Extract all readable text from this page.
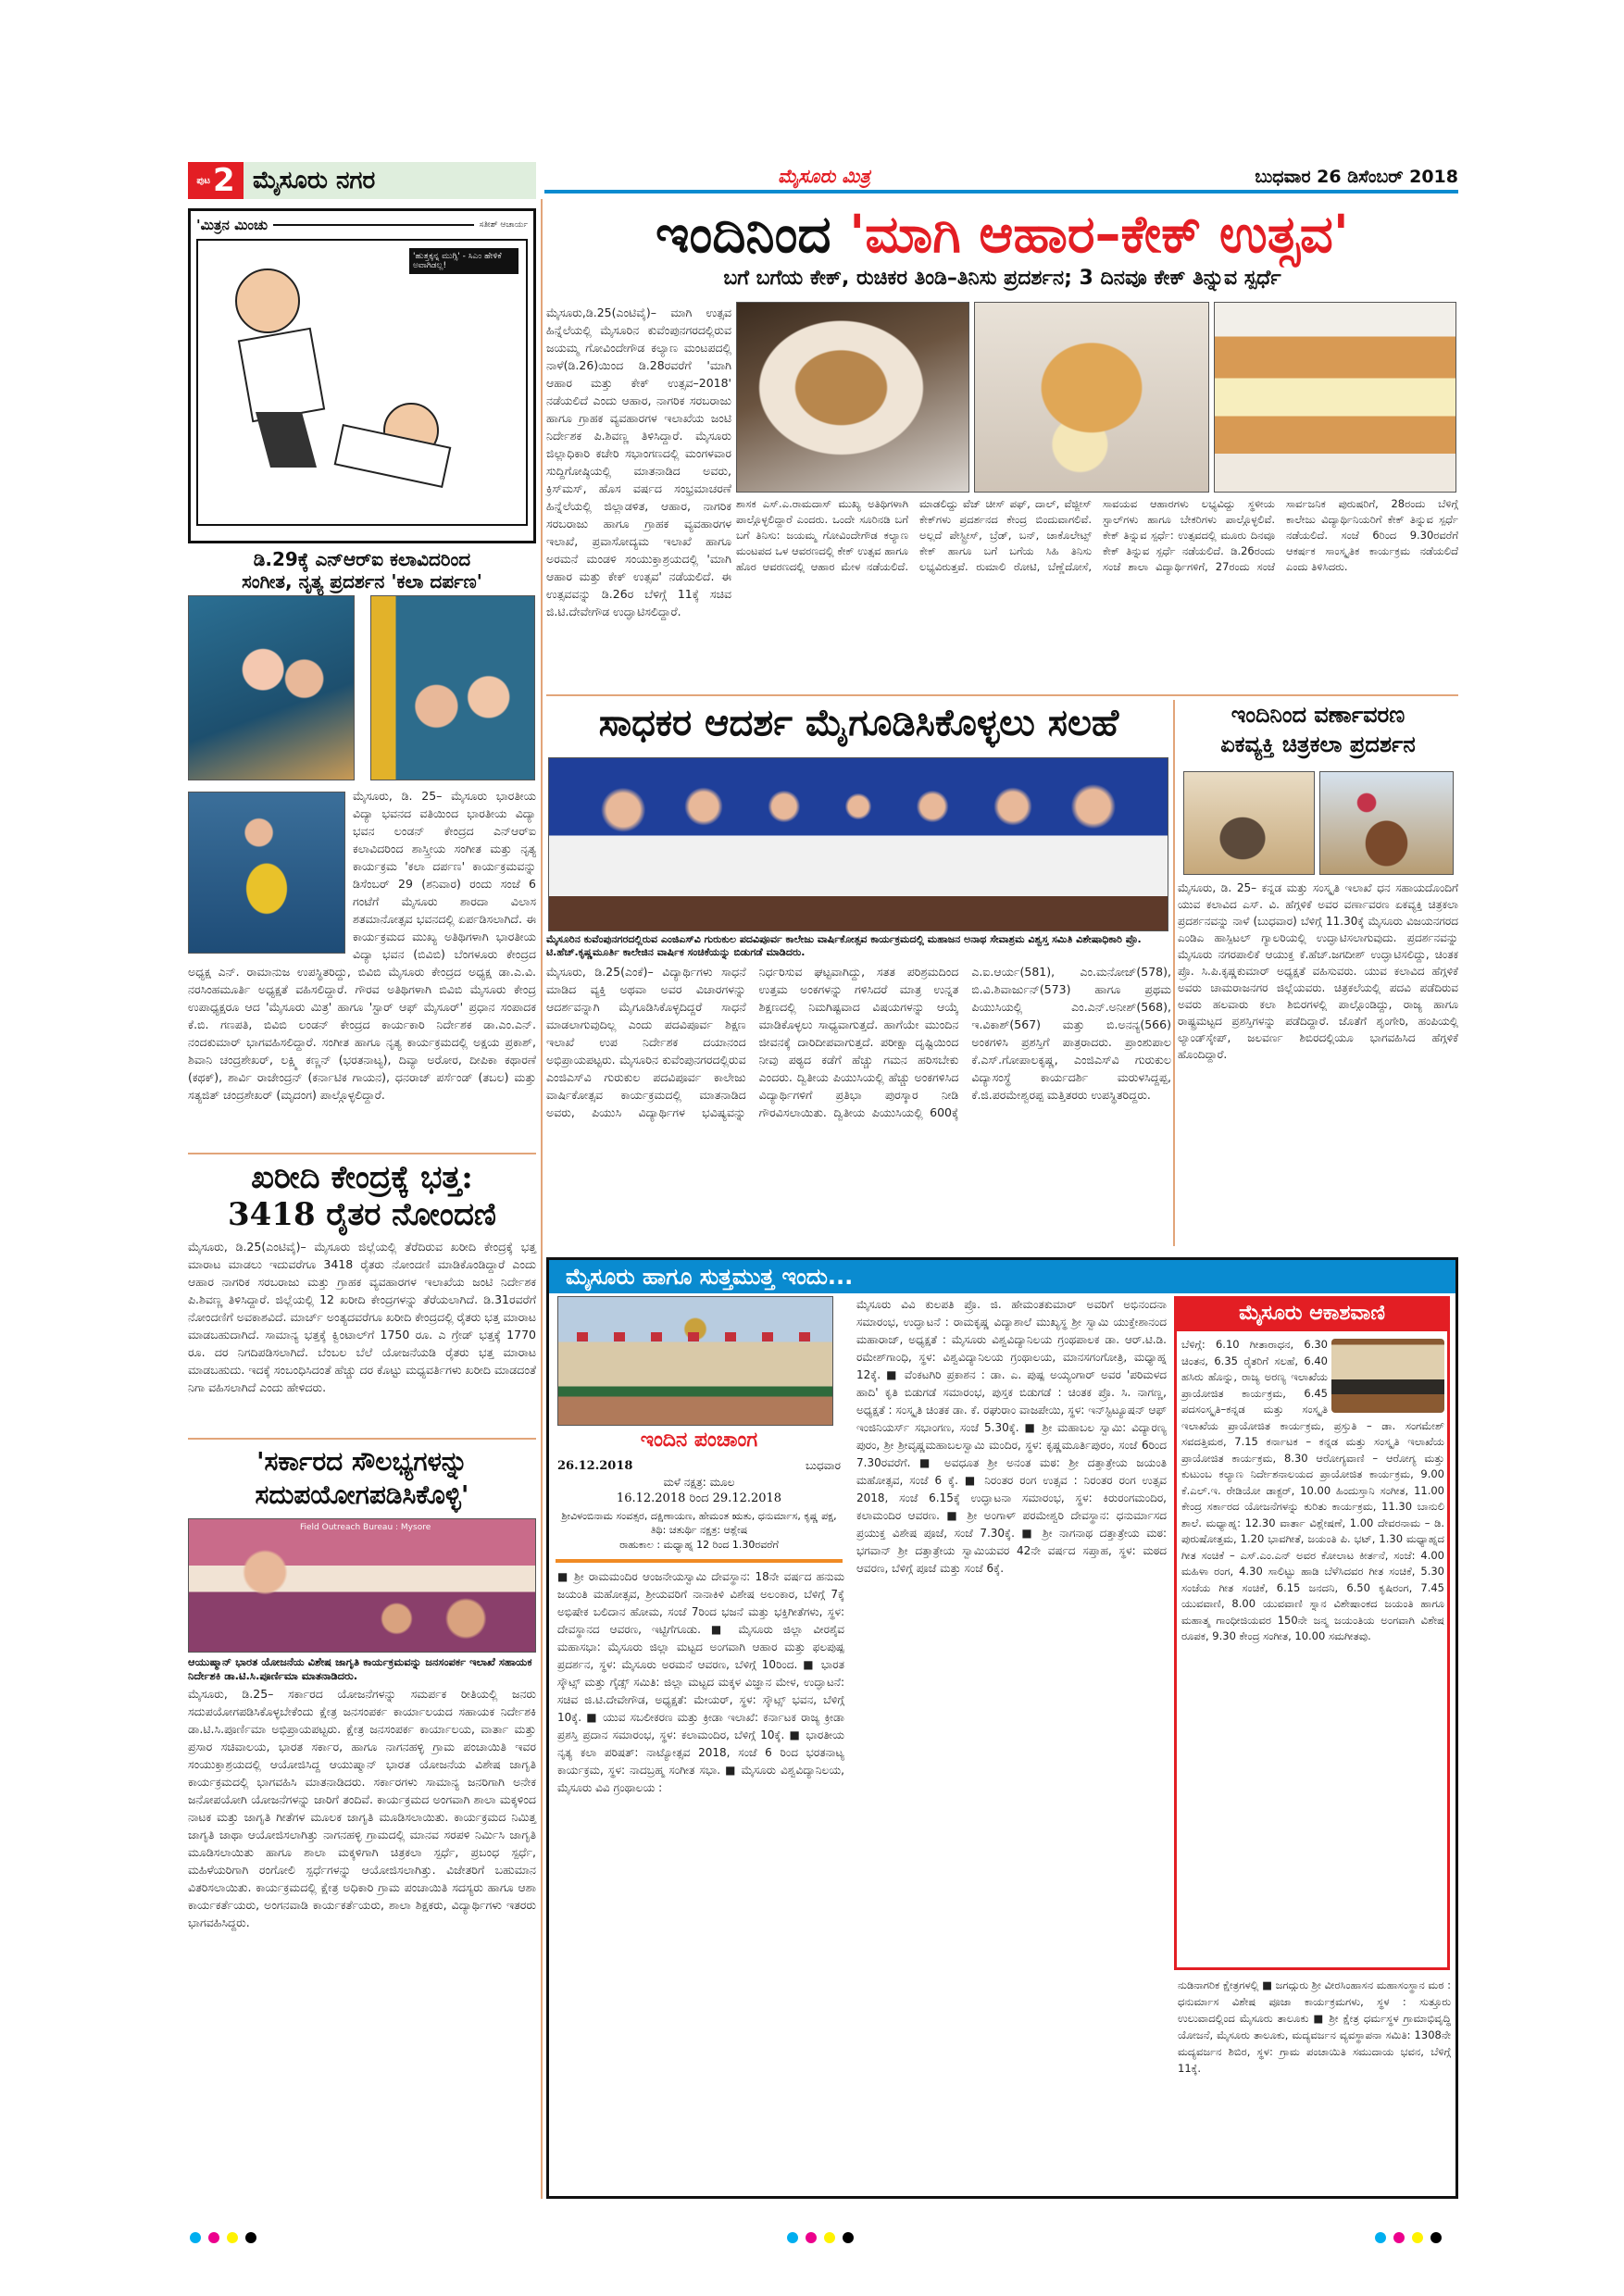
ಪುಟ 2 ಮೈಸೂರು ನಗರ	ಮೈಸೂರು ಮಿತ್ರ	ಬುಧವಾರ 26 ಡಿಸೆಂಬರ್ 2018
'ಮಿತ್ರನ ಮಿಂಚು	ಸತೀಶ್ ಆಚಾರ್ಯ
'ಹುತ್ತಕ್ಕನ್ನ ಮುಗ್ಸಿ' - ಸಿಎಂ ಹೇಳಿಕೆ ಅವಾಗಿಡಲ್ಲ!
ಡಿ.29ಕ್ಕೆ ಎನ್‌ಆರ್‌ಐ ಕಲಾವಿದರಿಂದ
ಸಂಗೀತ, ನೃತ್ಯ ಪ್ರದರ್ಶನ 'ಕಲಾ ದರ್ಪಣ'
ಮೈಸೂರು, ಡಿ. 25– ಮೈಸೂರು ಭಾರತೀಯ ವಿದ್ಯಾ ಭವನದ ವತಿಯಿಂದ ಭಾರತೀಯ ವಿದ್ಯಾ ಭವನ ಲಂಡನ್ ಕೇಂದ್ರದ ಎನ್‌ಆರ್‌ಐ ಕಲಾವಿದರಿಂದ ಶಾಸ್ತ್ರೀಯ ಸಂಗೀತ ಮತ್ತು ನೃತ್ಯ ಕಾರ್ಯಕ್ರಮ 'ಕಲಾ ದರ್ಪಣ' ಕಾರ್ಯಕ್ರಮವನ್ನು ಡಿಸೆಂಬರ್ 29 (ಶನಿವಾರ) ರಂದು ಸಂಜೆ 6 ಗಂಟೆಗೆ ಮೈಸೂರು ಶಾರದಾ ವಿಲಾಸ ಶತಮಾನೋತ್ಸವ ಭವನದಲ್ಲಿ ಏರ್ಪಡಿಸಲಾಗಿದೆ. ಈ ಕಾರ್ಯಕ್ರಮದ ಮುಖ್ಯ ಅತಿಥಿಗಳಾಗಿ ಭಾರತೀಯ ವಿದ್ಯಾ ಭವನ (ಬಿವಿಬಿ) ಬೆಂಗಳೂರು ಕೇಂದ್ರದ ಅಧ್ಯಕ್ಷ ಎನ್. ರಾಮಾನುಜ ಉಪಸ್ಥಿತರಿದ್ದು, ಬಿವಿಬಿ ಮೈಸೂರು ಕೇಂದ್ರದ ಅಧ್ಯಕ್ಷ ಡಾ.ಎ.ವಿ. ನರಸಿಂಹಮೂರ್ತಿ ಅಧ್ಯಕ್ಷತೆ ವಹಿಸಲಿದ್ದಾರೆ. ಗೌರವ ಅತಿಥಿಗಳಾಗಿ ಬಿವಿಬಿ ಮೈಸೂರು ಕೇಂದ್ರ ಉಪಾಧ್ಯಕ್ಷರೂ ಆದ 'ಮೈಸೂರು ಮಿತ್ರ' ಹಾಗೂ 'ಸ್ಟಾರ್ ಆಫ್ ಮೈಸೂರ್' ಪ್ರಧಾನ ಸಂಪಾದಕ ಕೆ.ಬಿ. ಗಣಪತಿ, ಬಿವಿಬಿ ಲಂಡನ್ ಕೇಂದ್ರದ ಕಾರ್ಯಕಾರಿ ನಿರ್ದೇಶಕ ಡಾ.ಎಂ.ಎನ್. ನಂದಕುಮಾರ್ ಭಾಗವಹಿಸಲಿದ್ದಾರೆ. ಸಂಗೀತ ಹಾಗೂ ನೃತ್ಯ ಕಾರ್ಯಕ್ರಮದಲ್ಲಿ ಅಕ್ಷಯ ಪ್ರಕಾಶ್, ಶಿವಾನಿ ಚಂದ್ರಶೇಖರ್, ಲಕ್ಷ್ಮಿ ಕಣ್ಣನ್ (ಭರತನಾಟ್ಯ), ದಿವ್ಯಾ ಅರೋರ, ದೀಪಿಕಾ ಕಥಾರಣೆ (ಕಥಕ್), ಶಾರ್ವಿ ರಾಜೇಂದ್ರನ್ (ಕರ್ನಾಟಿಕ ಗಾಯನ), ಧನರಾಜ್ ಪರ್ಸೆಂಡ್ (ತಬಲ) ಮತ್ತು ಸತ್ಯಜಿತ್ ಚಂದ್ರಶೇಖರ್ (ಮೃದಂಗ) ಪಾಲ್ಗೊಳ್ಳಲಿದ್ದಾರೆ.
ಖರೀದಿ ಕೇಂದ್ರಕ್ಕೆ ಭತ್ತ:
3418 ರೈತರ ನೋಂದಣಿ
ಮೈಸೂರು, ಡಿ.25(ಎಂಟಿವೈ)– ಮೈಸೂರು ಜಿಲ್ಲೆಯಲ್ಲಿ ತೆರೆದಿರುವ ಖರೀದಿ ಕೇಂದ್ರಕ್ಕೆ ಭತ್ತ ಮಾರಾಟ ಮಾಡಲು ಇದುವರೆಗೂ 3418 ರೈತರು ನೋಂದಣಿ ಮಾಡಿಕೊಂಡಿದ್ದಾರೆ ಎಂದು ಆಹಾರ ನಾಗರಿಕ ಸರಬರಾಜು ಮತ್ತು ಗ್ರಾಹಕ ವ್ಯವಹಾರಗಳ ಇಲಾಖೆಯ ಜಂಟಿ ನಿರ್ದೇಶಕ ಪಿ.ಶಿವಣ್ಣ ತಿಳಿಸಿದ್ದಾರೆ. ಜಿಲ್ಲೆಯಲ್ಲಿ 12 ಖರೀದಿ ಕೇಂದ್ರಗಳನ್ನು ತೆರೆಯಲಾಗಿದೆ. ಡಿ.31ರವರೆಗೆ ನೋಂದಣಿಗೆ ಅವಕಾಶವಿದೆ. ಮಾರ್ಚ್ ಅಂತ್ಯದವರೆಗೂ ಖರೀದಿ ಕೇಂದ್ರದಲ್ಲಿ ರೈತರು ಭತ್ತ ಮಾರಾಟ ಮಾಡಬಹುದಾಗಿದೆ. ಸಾಮಾನ್ಯ ಭತ್ತಕ್ಕೆ ಕ್ವಿಂಟಾಲ್‌ಗೆ 1750 ರೂ. ಎ ಗ್ರೇಡ್ ಭತ್ತಕ್ಕೆ 1770 ರೂ. ದರ ನಿಗದಿಪಡಿಸಲಾಗಿದೆ. ಬೆಂಬಲ ಬೆಲೆ ಯೋಜನೆಯಡಿ ರೈತರು ಭತ್ತ ಮಾರಾಟ ಮಾಡಬಹುದು. ಇದಕ್ಕೆ ಸಂಬಂಧಿಸಿದಂತೆ ಹೆಚ್ಚು ದರ ಕೊಟ್ಟು ಮಧ್ಯವರ್ತಿಗಳು ಖರೀದಿ ಮಾಡದಂತೆ ನಿಗಾ ವಹಿಸಲಾಗಿದೆ ಎಂದು ಹೇಳಿದರು.
'ಸರ್ಕಾರದ ಸೌಲಭ್ಯಗಳನ್ನು
ಸದುಪಯೋಗಪಡಿಸಿಕೊಳ್ಳಿ'
Field Outreach Bureau : Mysore
ಆಯುಷ್ಮಾನ್ ಭಾರತ ಯೋಜನೆಯ ವಿಶೇಷ ಜಾಗೃತಿ ಕಾರ್ಯಕ್ರಮವನ್ನು ಜನಸಂಪರ್ಕ ಇಲಾಖೆ ಸಹಾಯಕ ನಿರ್ದೇಶಕಿ ಡಾ.ಟಿ.ಸಿ.ಪೂರ್ಣಿಮಾ ಮಾತನಾಡಿದರು.
ಮೈಸೂರು, ಡಿ.25– ಸರ್ಕಾರದ ಯೋಜನೆಗಳನ್ನು ಸಮರ್ಪಕ ರೀತಿಯಲ್ಲಿ ಜನರು ಸದುಪಯೋಗಪಡಿಸಿಕೊಳ್ಳಬೇಕೆಂದು ಕ್ಷೇತ್ರ ಜನಸಂಪರ್ಕ ಕಾರ್ಯಾಲಯದ ಸಹಾಯಕ ನಿರ್ದೇಶಕಿ ಡಾ.ಟಿ.ಸಿ.ಪೂರ್ಣಿಮಾ ಅಭಿಪ್ರಾಯಪಟ್ಟರು. ಕ್ಷೇತ್ರ ಜನಸಂಪರ್ಕ ಕಾರ್ಯಾಲಯ, ವಾರ್ತಾ ಮತ್ತು ಪ್ರಸಾರ ಸಚಿವಾಲಯ, ಭಾರತ ಸರ್ಕಾರ, ಹಾಗೂ ನಾಗನಹಳ್ಳಿ ಗ್ರಾಮ ಪಂಚಾಯಿತಿ ಇವರ ಸಂಯುಕ್ತಾಶ್ರಯದಲ್ಲಿ ಆಯೋಜಿಸಿದ್ದ ಆಯುಷ್ಮಾನ್ ಭಾರತ ಯೋಜನೆಯ ವಿಶೇಷ ಜಾಗೃತಿ ಕಾರ್ಯಕ್ರಮದಲ್ಲಿ ಭಾಗವಹಿಸಿ ಮಾತನಾಡಿದರು. ಸರ್ಕಾರಗಳು ಸಾಮಾನ್ಯ ಜನರಿಗಾಗಿ ಅನೇಕ ಜನೋಪಯೋಗಿ ಯೋಜನೆಗಳನ್ನು ಜಾರಿಗೆ ತಂದಿವೆ. ಕಾರ್ಯಕ್ರಮದ ಅಂಗವಾಗಿ ಶಾಲಾ ಮಕ್ಕಳಿಂದ ನಾಟಕ ಮತ್ತು ಜಾಗೃತಿ ಗೀತೆಗಳ ಮೂಲಕ ಜಾಗೃತಿ ಮೂಡಿಸಲಾಯಿತು. ಕಾರ್ಯಕ್ರಮದ ನಿಮಿತ್ತ ಜಾಗೃತಿ ಜಾಥಾ ಆಯೋಜಿಸಲಾಗಿತ್ತು ನಾಗನಹಳ್ಳಿ ಗ್ರಾಮದಲ್ಲಿ ಮಾನವ ಸರಪಳಿ ನಿರ್ಮಿಸಿ ಜಾಗೃತಿ ಮೂಡಿಸಲಾಯಿತು ಹಾಗೂ ಶಾಲಾ ಮಕ್ಕಳಿಗಾಗಿ ಚಿತ್ರಕಲಾ ಸ್ಪರ್ಧೆ, ಪ್ರಬಂಧ ಸ್ಪರ್ಧೆ, ಮಹಿಳೆಯರಿಗಾಗಿ ರಂಗೋಲಿ ಸ್ಪರ್ಧೆಗಳನ್ನು ಆಯೋಜಿಸಲಾಗಿತ್ತು. ವಿಜೇತರಿಗೆ ಬಹುಮಾನ ವಿತರಿಸಲಾಯಿತು. ಕಾರ್ಯಕ್ರಮದಲ್ಲಿ ಕ್ಷೇತ್ರ ಅಧಿಕಾರಿ ಗ್ರಾಮ ಪಂಚಾಯಿತಿ ಸದಸ್ಯರು ಹಾಗೂ ಆಶಾ ಕಾರ್ಯಕರ್ತೆಯರು, ಅಂಗನವಾಡಿ ಕಾರ್ಯಕರ್ತೆಯರು, ಶಾಲಾ ಶಿಕ್ಷಕರು, ವಿದ್ಯಾರ್ಥಿಗಳು ಇತರರು ಭಾಗವಹಿಸಿದ್ದರು.
ಇಂದಿನಿಂದ 'ಮಾಗಿ ಆಹಾರ–ಕೇಕ್ ಉತ್ಸವ'
ಬಗೆ ಬಗೆಯ ಕೇಕ್, ರುಚಿಕರ ತಿಂಡಿ–ತಿನಿಸು ಪ್ರದರ್ಶನ; 3 ದಿನವೂ ಕೇಕ್ ತಿನ್ನುವ ಸ್ಪರ್ಧೆ
ಮೈಸೂರು,ಡಿ.25(ಎಂಟಿವೈ)– ಮಾಗಿ ಉತ್ಸವ ಹಿನ್ನೆಲೆಯಲ್ಲಿ ಮೈಸೂರಿನ ಕುವೆಂಪುನಗರದಲ್ಲಿರುವ ಜಯಮ್ಮ ಗೋವಿಂದೇಗೌಡ ಕಲ್ಯಾಣ ಮಂಟಪದಲ್ಲಿ ನಾಳೆ(ಡಿ.26)ಯಿಂದ ಡಿ.28ರವರೆಗೆ 'ಮಾಗಿ ಆಹಾರ ಮತ್ತು ಕೇಕ್ ಉತ್ಸವ–2018' ನಡೆಯಲಿದೆ ಎಂದು ಆಹಾರ, ನಾಗರಿಕ ಸರಬರಾಜು ಹಾಗೂ ಗ್ರಾಹಕ ವ್ಯವಹಾರಗಳ ಇಲಾಖೆಯ ಜಂಟಿ ನಿರ್ದೇಶಕ ಪಿ.ಶಿವಣ್ಣ ತಿಳಿಸಿದ್ದಾರೆ. ಮೈಸೂರು ಜಿಲ್ಲಾಧಿಕಾರಿ ಕಚೇರಿ ಸಭಾಂಗಣದಲ್ಲಿ ಮಂಗಳವಾರ ಸುದ್ದಿಗೋಷ್ಠಿಯಲ್ಲಿ ಮಾತನಾಡಿದ ಅವರು, ಕ್ರಿಸ್‌ಮಸ್, ಹೊಸ ವರ್ಷದ ಸಂಭ್ರಮಾಚರಣೆ ಹಿನ್ನೆಲೆಯಲ್ಲಿ ಜಿಲ್ಲಾಡಳಿತ, ಆಹಾರ, ನಾಗರಿಕ ಸರಬರಾಜು ಹಾಗೂ ಗ್ರಾಹಕ ವ್ಯವಹಾರಗಳ ಇಲಾಖೆ, ಪ್ರವಾಸೋದ್ಯಮ ಇಲಾಖೆ ಹಾಗೂ ಅರಮನೆ ಮಂಡಳಿ ಸಂಯುಕ್ತಾಶ್ರಯದಲ್ಲಿ 'ಮಾಗಿ ಆಹಾರ ಮತ್ತು ಕೇಕ್ ಉತ್ಸವ' ನಡೆಯಲಿದೆ. ಈ ಉತ್ಸವವನ್ನು ಡಿ.26ರ ಬೆಳಿಗ್ಗೆ 11ಕ್ಕೆ ಸಚಿವ ಜಿ.ಟಿ.ದೇವೇಗೌಡ ಉದ್ಘಾಟಿಸಲಿದ್ದಾರೆ.
ಶಾಸಕ ಎಸ್.ಎ.ರಾಮದಾಸ್ ಮುಖ್ಯ ಅತಿಥಿಗಳಾಗಿ ಪಾಲ್ಗೊಳ್ಳಲಿದ್ದಾರೆ ಎಂದರು. ಒಂದೇ ಸೂರಿನಡಿ ಬಗೆ ಬಗೆ ತಿನಿಸು: ಜಯಮ್ಮ ಗೋವಿಂದೇಗೌಡ ಕಲ್ಯಾಣ ಮಂಟಪದ ಒಳ ಆವರಣದಲ್ಲಿ ಕೇಕ್ ಉತ್ಸವ ಹಾಗೂ ಹೊರ ಆವರಣದಲ್ಲಿ ಆಹಾರ ಮೇಳ ನಡೆಯಲಿದೆ. ಮಾಡಲಿದ್ದು ವೆಜ್ ಚೀಸ್ ಪಫ್, ದಾಲ್, ವೆಜ್ಜೀಸ್ ಕೇಕ್‌ಗಳು ಪ್ರದರ್ಶನದ ಕೇಂದ್ರ ಬಿಂದುವಾಗಲಿವೆ. ಅಲ್ಲದೆ ಪೇಸ್ಟ್ರೀಸ್, ಬ್ರೆಡ್, ಬನ್, ಚಾಕೊಲೇಟ್ಸ್ ಕೇಕ್ ಹಾಗೂ ಬಗೆ ಬಗೆಯ ಸಿಹಿ ತಿನಿಸು ಲಭ್ಯವಿರುತ್ತವೆ. ರುಮಾಲಿ ರೋಟಿ, ಬೆಣ್ಣೆದೋಸೆ, ಸಾವಯವ ಆಹಾರಗಳು ಲಭ್ಯವಿದ್ದು ಸ್ಥಳೀಯ ಸ್ಟಾಲ್‌ಗಳು ಹಾಗೂ ಬೇಕರಿಗಳು ಪಾಲ್ಗೊಳ್ಳಲಿವೆ. ಕೇಕ್ ತಿನ್ನುವ ಸ್ಪರ್ಧೆ: ಉತ್ಸವದಲ್ಲಿ ಮೂರು ದಿನವೂ ಕೇಕ್ ತಿನ್ನುವ ಸ್ಪರ್ಧೆ ನಡೆಯಲಿದೆ. ಡಿ.26ರಂದು ಸಂಜೆ ಶಾಲಾ ವಿದ್ಯಾರ್ಥಿಗಳಿಗೆ, 27ರಂದು ಸಂಜೆ ಸಾರ್ವಜನಿಕ ಪುರುಷರಿಗೆ, 28ರಂದು ಬೆಳಿಗ್ಗೆ ಕಾಲೇಜು ವಿದ್ಯಾರ್ಥಿನಿಯರಿಗೆ ಕೇಕ್ ತಿನ್ನುವ ಸ್ಪರ್ಧೆ ನಡೆಯಲಿದೆ. ಸಂಜೆ 6ರಿಂದ 9.30ರವರೆಗೆ ಆಕರ್ಷಕ ಸಾಂಸ್ಕೃತಿಕ ಕಾರ್ಯಕ್ರಮ ನಡೆಯಲಿದೆ ಎಂದು ತಿಳಿಸಿದರು.
ಸಾಧಕರ ಆದರ್ಶ ಮೈಗೂಡಿಸಿಕೊಳ್ಳಲು ಸಲಹೆ
ಮೈಸೂರಿನ ಕುವೆಂಪುನಗರದಲ್ಲಿರುವ ಎಂಜಿಎಸ್‌ವಿ ಗುರುಕುಲ ಪದವಿಪೂರ್ವ ಕಾಲೇಜು ವಾರ್ಷಿಕೋತ್ಸವ ಕಾರ್ಯಕ್ರಮದಲ್ಲಿ ಮಹಾಜನ ಅನಾಥ ಸೇವಾಶ್ರಮ ವಿಶ್ವಸ್ತ ಸಮಿತಿ ವಿಶೇಷಾಧಿಕಾರಿ ಪ್ರೊ. ಟಿ.ಹೆಚ್.ಕೃಷ್ಣಮೂರ್ತಿ ಕಾಲೇಜಿನ ವಾರ್ಷಿಕ ಸಂಚಿಕೆಯನ್ನು ಬಿಡುಗಡೆ ಮಾಡಿದರು.
ಮೈಸೂರು, ಡಿ.25(ಎಂಕೆ)– ವಿದ್ಯಾರ್ಥಿಗಳು ಸಾಧನೆ ಮಾಡಿದ ವ್ಯಕ್ತಿ ಅಥವಾ ಅವರ ವಿಚಾರಗಳನ್ನು ಆದರ್ಶವನ್ನಾಗಿ ಮೈಗೂಡಿಸಿಕೊಳ್ಳದಿದ್ದರೆ ಸಾಧನೆ ಮಾಡಲಾಗುವುದಿಲ್ಲ ಎಂದು ಪದವಿಪೂರ್ವ ಶಿಕ್ಷಣ ಇಲಾಖೆ ಉಪ ನಿರ್ದೇಶಕ ದಯಾನಂದ ಅಭಿಪ್ರಾಯಪಟ್ಟರು. ಮೈಸೂರಿನ ಕುವೆಂಪುನಗರದಲ್ಲಿರುವ ಎಂಜಿಎಸ್‌ವಿ ಗುರುಕುಲ ಪದವಿಪೂರ್ವ ಕಾಲೇಜು ವಾರ್ಷಿಕೋತ್ಸವ ಕಾರ್ಯಕ್ರಮದಲ್ಲಿ ಮಾತನಾಡಿದ ಅವರು, ಪಿಯುಸಿ ವಿದ್ಯಾರ್ಥಿಗಳ ಭವಿಷ್ಯವನ್ನು ನಿರ್ಧರಿಸುವ ಘಟ್ಟವಾಗಿದ್ದು, ಸತತ ಪರಿಶ್ರಮದಿಂದ ಉತ್ತಮ ಅಂಕಗಳನ್ನು ಗಳಿಸಿದರೆ ಮಾತ್ರ ಉನ್ನತ ಶಿಕ್ಷಣದಲ್ಲಿ ನಿಮಗಿಷ್ಟವಾದ ವಿಷಯಗಳನ್ನು ಆಯ್ಕೆ ಮಾಡಿಕೊಳ್ಳಲು ಸಾಧ್ಯವಾಗುತ್ತದೆ. ಹಾಗೆಯೇ ಮುಂದಿನ ಜೀವನಕ್ಕೆ ದಾರಿದೀಪವಾಗುತ್ತದೆ. ಪರೀಕ್ಷಾ ದೃಷ್ಟಿಯಿಂದ ನೀವು ಪಠ್ಯದ ಕಡೆಗೆ ಹೆಚ್ಚು ಗಮನ ಹರಿಸಬೇಕು ಎಂದರು. ದ್ವಿತೀಯ ಪಿಯುಸಿಯಲ್ಲಿ ಹೆಚ್ಚು ಅಂಕಗಳಿಸಿದ ವಿದ್ಯಾರ್ಥಿಗಳಿಗೆ ಪ್ರತಿಭಾ ಪುರಸ್ಕಾರ ನೀಡಿ ಗೌರವಿಸಲಾಯಿತು. ದ್ವಿತೀಯ ಪಿಯುಸಿಯಲ್ಲಿ 600ಕ್ಕೆ ಎ.ಐ.ಆರ್ಯ(581), ಎಂ.ಮನೋಜ್(578), ಬಿ.ವಿ.ಶಿವಾರ್ಜುನ್(573) ಹಾಗೂ ಪ್ರಥಮ ಪಿಯುಸಿಯಲ್ಲಿ ಎಂ.ಎನ್.ಅನೀಶ್(568), ಇ.ವಿಕಾಶ್(567) ಮತ್ತು ಬಿ.ಅನನ್ಯ(566) ಅಂಕಗಳಿಸಿ ಪ್ರಶಸ್ತಿಗೆ ಪಾತ್ರರಾದರು. ಪ್ರಾಂಶುಪಾಲ ಕೆ.ಎಸ್.ಗೋಪಾಲಕೃಷ್ಣ, ಎಂಜಿಎಸ್‌ವಿ ಗುರುಕುಲ ವಿದ್ಯಾಸಂಸ್ಥೆ ಕಾರ್ಯದರ್ಶಿ ಮರುಳಸಿದ್ದಪ್ಪ, ಕೆ.ಜಿ.ಪರಮೇಶ್ವರಪ್ಪ ಮತ್ತಿತರರು ಉಪಸ್ಥಿತರಿದ್ದರು.
ಇಂದಿನಿಂದ ವರ್ಣಾವರಣ
ಏಕವ್ಯಕ್ತಿ ಚಿತ್ರಕಲಾ ಪ್ರದರ್ಶನ
ಮೈಸೂರು, ಡಿ. 25– ಕನ್ನಡ ಮತ್ತು ಸಂಸ್ಕೃತಿ ಇಲಾಖೆ ಧನ ಸಹಾಯದೊಂದಿಗೆ ಯುವ ಕಲಾವಿದ ಎಸ್. ವಿ. ಹೆಗ್ಗಳಿಕೆ ಅವರ ವರ್ಣಾವರಣ ಏಕವ್ಯಕ್ತಿ ಚಿತ್ರಕಲಾ ಪ್ರದರ್ಶನವನ್ನು ನಾಳೆ (ಬುಧವಾರ) ಬೆಳಿಗ್ಗೆ 11.30ಕ್ಕೆ ಮೈಸೂರು ವಿಜಯನಗರದ ಎಂಡಿಎ ಹಾಸ್ಪಿಟಲ್ ಗ್ಯಾಲರಿಯಲ್ಲಿ ಉದ್ಘಾಟಿಸಲಾಗುವುದು. ಪ್ರದರ್ಶನವನ್ನು ಮೈಸೂರು ನಗರಪಾಲಿಕೆ ಆಯುಕ್ತ ಕೆ.ಹೆಚ್.ಜಗದೀಶ್ ಉದ್ಘಾಟಿಸಲಿದ್ದು, ಚಿಂತಕ ಪ್ರೊ. ಸಿ.ಪಿ.ಕೃಷ್ಣಕುಮಾರ್ ಅಧ್ಯಕ್ಷತೆ ವಹಿಸುವರು. ಯುವ ಕಲಾವಿದ ಹೆಗ್ಗಳಿಕೆ ಅವರು ಚಾಮರಾಜನಗರ ಜಿಲ್ಲೆಯವರು. ಚಿತ್ರಕಲೆಯಲ್ಲಿ ಪದವಿ ಪಡೆದಿರುವ ಅವರು ಹಲವಾರು ಕಲಾ ಶಿಬಿರಗಳಲ್ಲಿ ಪಾಲ್ಗೊಂಡಿದ್ದು, ರಾಜ್ಯ ಹಾಗೂ ರಾಷ್ಟ್ರಮಟ್ಟದ ಪ್ರಶಸ್ತಿಗಳನ್ನು ಪಡೆದಿದ್ದಾರೆ. ಜೊತೆಗೆ ಶೃಂಗೇರಿ, ಹಂಪಿಯಲ್ಲಿ ಲ್ಯಾಂಡ್‌ಸ್ಕೇಪ್, ಜಲವರ್ಣ ಶಿಬಿರದಲ್ಲಿಯೂ ಭಾಗವಹಿಸಿದ ಹೆಗ್ಗಳಿಕೆ ಹೊಂದಿದ್ದಾರೆ.
ಮೈಸೂರು ಹಾಗೂ ಸುತ್ತಮುತ್ತ ಇಂದು...
ಇಂದಿನ ಪಂಚಾಂಗ
26.12.2018	ಬುಧವಾರ
ಮಳೆ ನಕ್ಷತ್ರ: ಮೂಲ
16.12.2018 ರಿಂದ 29.12.2018
ಶ್ರೀವಿಳಂಬಿನಾಮ ಸಂವತ್ಸರ, ದಕ್ಷಿಣಾಯಣ, ಹೇಮಂತ ಋತು, ಧನುರ್ಮಾಸ, ಕೃಷ್ಣ ಪಕ್ಷ, ತಿಥಿ: ಚತುರ್ಥಿ ನಕ್ಷತ್ರ: ಆಶ್ಲೇಷ
ರಾಹುಕಾಲ : ಮಧ್ಯಾಹ್ನ 12 ರಿಂದ 1.30ರವರೆಗೆ
■ ಶ್ರೀ ರಾಮಮಂದಿರ ಆಂಜನೇಯಸ್ವಾಮಿ ದೇವಸ್ಥಾನ: 18ನೇ ವರ್ಷದ ಹನುಮ ಜಯಂತಿ ಮಹೋತ್ಸವ, ಶ್ರೀಯವರಿಗೆ ನಾನಾಕಿಳಿ ವಿಶೇಷ ಅಲಂಕಾರ, ಬೆಳಿಗ್ಗೆ 7ಕ್ಕೆ ಅಭಿಷೇಕ ಬಲಿದಾನ ಹೋಮ, ಸಂಜೆ 7ರಿಂದ ಭಜನೆ ಮತ್ತು ಭಕ್ತಿಗೀತೆಗಳು, ಸ್ಥಳ: ದೇವಸ್ಥಾನದ ಆವರಣ, ಇಟ್ಟಿಗೆಗೂಡು. ■ ಮೈಸೂರು ಜಿಲ್ಲಾ ವೀರಶೈವ ಮಹಾಸಭಾ: ಮೈಸೂರು ಜಿಲ್ಲಾ ಮಟ್ಟದ ಅಂಗವಾಗಿ ಆಹಾರ ಮತ್ತು ಫಲಪುಷ್ಪ ಪ್ರದರ್ಶನ, ಸ್ಥಳ: ಮೈಸೂರು ಅರಮನೆ ಆವರಣ, ಬೆಳಿಗ್ಗೆ 10ರಿಂದ. ■ ಭಾರತ ಸ್ಕೌಟ್ಸ್ ಮತ್ತು ಗೈಡ್ಸ್ ಸಮಿತಿ: ಜಿಲ್ಲಾ ಮಟ್ಟದ ಮಕ್ಕಳ ವಿಜ್ಞಾನ ಮೇಳ, ಉದ್ಘಾಟನೆ: ಸಚಿವ ಜಿ.ಟಿ.ದೇವೇಗೌಡ, ಅಧ್ಯಕ್ಷತೆ: ಮೇಯರ್, ಸ್ಥಳ: ಸ್ಕೌಟ್ಸ್ ಭವನ, ಬೆಳಿಗ್ಗೆ 10ಕ್ಕೆ. ■ ಯುವ ಸಬಲೀಕರಣ ಮತ್ತು ಕ್ರೀಡಾ ಇಲಾಖೆ: ಕರ್ನಾಟಕ ರಾಜ್ಯ ಕ್ರೀಡಾ ಪ್ರಶಸ್ತಿ ಪ್ರದಾನ ಸಮಾರಂಭ, ಸ್ಥಳ: ಕಲಾಮಂದಿರ, ಬೆಳಿಗ್ಗೆ 10ಕ್ಕೆ. ■ ಭಾರತೀಯ ನೃತ್ಯ ಕಲಾ ಪರಿಷತ್: ನಾಟ್ಯೋತ್ಸವ 2018, ಸಂಜೆ 6 ರಿಂದ ಭರತನಾಟ್ಯ ಕಾರ್ಯಕ್ರಮ, ಸ್ಥಳ: ನಾದಬ್ರಹ್ಮ ಸಂಗೀತ ಸಭಾ. ■ ಮೈಸೂರು ವಿಶ್ವವಿದ್ಯಾನಿಲಯ, ಮೈಸೂರು ವಿವಿ ಗ್ರಂಥಾಲಯ :
ಮೈಸೂರು ವಿವಿ ಕುಲಪತಿ ಪ್ರೊ. ಜಿ. ಹೇಮಂತಕುಮಾರ್ ಅವರಿಗೆ ಅಭಿನಂದನಾ ಸಮಾರಂಭ, ಉದ್ಘಾಟನೆ : ರಾಮಕೃಷ್ಣ ವಿದ್ಯಾಶಾಲೆ ಮುಖ್ಯಸ್ಥ ಶ್ರೀ ಸ್ವಾಮಿ ಯುಕ್ತೇಶಾನಂದ ಮಹಾರಾಜ್, ಅಧ್ಯಕ್ಷತೆ : ಮೈಸೂರು ವಿಶ್ವವಿದ್ಯಾನಿಲಯ ಗ್ರಂಥಪಾಲಕ ಡಾ. ಆರ್.ಟಿ.ಡಿ. ರಮೇಶ್‌ಗಾಂಧಿ, ಸ್ಥಳ: ವಿಶ್ವವಿದ್ಯಾನಿಲಯ ಗ್ರಂಥಾಲಯ, ಮಾನಸಗಂಗೋತ್ರಿ, ಮಧ್ಯಾಹ್ನ 12ಕ್ಕೆ. ■ ವೆಂಕಟಗಿರಿ ಪ್ರಕಾಶನ : ಡಾ. ಎ. ಪುಷ್ಪ ಅಯ್ಯಂಗಾರ್ ಅವರ 'ಪರಿಮಳದ ಹಾದಿ' ಕೃತಿ ಬಿಡುಗಡೆ ಸಮಾರಂಭ, ಪುಸ್ತಕ ಬಿಡುಗಡೆ : ಚಿಂತಕ ಪ್ರೊ. ಸಿ. ನಾಗಣ್ಣ, ಅಧ್ಯಕ್ಷತೆ : ಸಂಸ್ಕೃತಿ ಚಿಂತಕ ಡಾ. ಕೆ. ರಘುರಾಂ ವಾಜಪೇಯಿ, ಸ್ಥಳ: ಇನ್‌ಸ್ಟಿಟ್ಯೂಷನ್ ಆಫ್ ಇಂಜಿನಿಯರ್ಸ್ ಸಭಾಂಗಣ, ಸಂಜೆ 5.30ಕ್ಕೆ. ■ ಶ್ರೀ ಮಹಾಬಲ ಸ್ವಾಮಿ: ವಿದ್ಯಾರಣ್ಯ ಪುರಂ, ಶ್ರೀ ಶ್ರೀವೃಷ್ಣಮಹಾಬಲಸ್ವಾಮಿ ಮಂದಿರ, ಸ್ಥಳ: ಕೃಷ್ಣಮೂರ್ತಿಪುರಂ, ಸಂಜೆ 6ರಿಂದ 7.30ರವರೆಗೆ. ■ ಅವಧೂತ ಶ್ರೀ ಅನಂತ ಮಠ: ಶ್ರೀ ದತ್ತಾತ್ರೇಯ ಜಯಂತಿ ಮಹೋತ್ಸವ, ಸಂಜೆ 6 ಕ್ಕೆ. ■ ನಿರಂತರ ರಂಗ ಉತ್ಸವ : ನಿರಂತರ ರಂಗ ಉತ್ಸವ 2018, ಸಂಜೆ 6.15ಕ್ಕೆ ಉದ್ಘಾಟನಾ ಸಮಾರಂಭ, ಸ್ಥಳ: ಕಿರುರಂಗಮಂದಿರ, ಕಲಾಮಂದಿರ ಆವರಣ. ■ ಶ್ರೀ ಅಂಗಾಳ್ ಪರಮೇಶ್ವರಿ ದೇವಸ್ಥಾನ: ಧನುರ್ಮಾಸದ ಪ್ರಯುಕ್ತ ವಿಶೇಷ ಪೂಜೆ, ಸಂಜೆ 7.30ಕ್ಕೆ. ■ ಶ್ರೀ ನಾಗನಾಥ ದತ್ತಾತ್ರೇಯ ಮಠ: ಭಗವಾನ್ ಶ್ರೀ ದತ್ತಾತ್ರೇಯ ಸ್ವಾಮಿಯವರ 42ನೇ ವರ್ಷದ ಸಪ್ತಾಹ, ಸ್ಥಳ: ಮಠದ ಆವರಣ, ಬೆಳಿಗ್ಗೆ ಪೂಜೆ ಮತ್ತು ಸಂಜೆ 6ಕ್ಕೆ.
ಮೈಸೂರು ಆಕಾಶವಾಣಿ
ಬೆಳಿಗ್ಗೆ: 6.10 ಗೀತಾರಾಧನ, 6.30 ಚಿಂತನ, 6.35 ರೈತರಿಗೆ ಸಲಹೆ, 6.40 ಹಸಿರು ಹೊನ್ನು, ರಾಜ್ಯ ಅರಣ್ಯ ಇಲಾಖೆಯ ಪ್ರಾಯೋಜಿತ ಕಾರ್ಯಕ್ರಮ, 6.45 ಪದಸಂಸ್ಕೃತಿ–ಕನ್ನಡ ಮತ್ತು ಸಂಸ್ಕೃತಿ ಇಲಾಖೆಯ ಪ್ರಾಯೋಜಿತ ಕಾರ್ಯಕ್ರಮ, ಪ್ರಸ್ತುತಿ – ಡಾ. ಸಂಗಮೇಶ್ ಸವದತ್ತಿಮಠ, 7.15 ಕರ್ನಾಟಕ – ಕನ್ನಡ ಮತ್ತು ಸಂಸ್ಕೃತಿ ಇಲಾಖೆಯ ಪ್ರಾಯೋಜಿತ ಕಾರ್ಯಕ್ರಮ, 8.30 ಆರೋಗ್ಯವಾಣಿ – ಆರೋಗ್ಯ ಮತ್ತು ಕುಟುಂಬ ಕಲ್ಯಾಣ ನಿರ್ದೇಶನಾಲಯದ ಪ್ರಾಯೋಜಿತ ಕಾರ್ಯಕ್ರಮ, 9.00 ಕೆ.ಎಲ್.ಇ. ರೇಡಿಯೋ ಡಾಕ್ಟರ್, 10.00 ಹಿಂದುಸ್ತಾನಿ ಸಂಗೀತ, 11.00 ಕೇಂದ್ರ ಸರ್ಕಾರದ ಯೋಜನೆಗಳನ್ನು ಕುರಿತು ಕಾರ್ಯಕ್ರಮ, 11.30 ಬಾನುಲಿ ಶಾಲೆ. ಮಧ್ಯಾಹ್ನ: 12.30 ವಾರ್ತಾ ವಿಶ್ಲೇಷಣೆ, 1.00 ದೇವರನಾಮ – ಡಿ. ಪುರುಷೋತ್ತಮ, 1.20 ಭಾವಗೀತೆ, ಜಯಂತಿ ಪಿ. ಭಟ್, 1.30 ಮಧ್ಯಾಹ್ನದ ಗೀತ ಸಂಚಿಕೆ – ಎಸ್.ಎಂ.ಎನ್ ಅವರ ಕೋಲಾಟ ಕೀರ್ತನೆ, ಸಂಜೆ: 4.00 ಮಹಿಳಾ ರಂಗ, 4.30 ಸಾಲಿಟ್ಟು ಹಾಡಿ ಬೆಳೆಸಿದವರ ಗೀತ ಸಂಚಿಕೆ, 5.30 ಸಂಜೆಯ ಗೀತ ಸಂಚಿಕೆ, 6.15 ಜನದನಿ, 6.50 ಕೃಷಿರಂಗ, 7.45 ಯುವವಾಣಿ, 8.00 ಯುವವಾಣಿ ಸ್ನಾನ ವಿಶೇಷಾಂಕದ ಜಯಂತಿ ಹಾಗೂ ಮಹಾತ್ಮ ಗಾಂಧೀಜಿಯವರ 150ನೇ ಜನ್ಮ ಜಯಂತಿಯ ಅಂಗವಾಗಿ ವಿಶೇಷ ರೂಪಕ, 9.30 ಕೇಂದ್ರ ಸಂಗೀತ, 10.00 ಸಮಗೀತವು.
ನುಡಿನಾಗರಿಕ ಕ್ಷೇತ್ರಗಳಲ್ಲಿ ■ ಜಗದ್ಗುರು ಶ್ರೀ ವೀರಸಿಂಹಾಸನ ಮಹಾಸಂಸ್ಥಾನ ಮಠ : ಧನುರ್ಮಾಸ ವಿಶೇಷ ಪೂಜಾ ಕಾರ್ಯಕ್ರಮಗಳು, ಸ್ಥಳ : ಸುತ್ತೂರು ಉಲುವಾದಲ್ಲಿಂದ ಮೈಸೂರು ತಾಲೂಕು ■ ಶ್ರೀ ಕ್ಷೇತ್ರ ಧರ್ಮಸ್ಥಳ ಗ್ರಾಮಾಭಿವೃದ್ಧಿ ಯೋಜನೆ, ಮೈಸೂರು ತಾಲೂಕು, ಮದ್ಯವರ್ಜನ ವ್ಯವಸ್ಥಾಪನಾ ಸಮಿತಿ: 1308ನೇ ಮದ್ಯವರ್ಜನ ಶಿಬಿರ, ಸ್ಥಳ: ಗ್ರಾಮ ಪಂಚಾಯಿತಿ ಸಮುದಾಯ ಭವನ, ಬೆಳಿಗ್ಗೆ 11ಕ್ಕೆ.
